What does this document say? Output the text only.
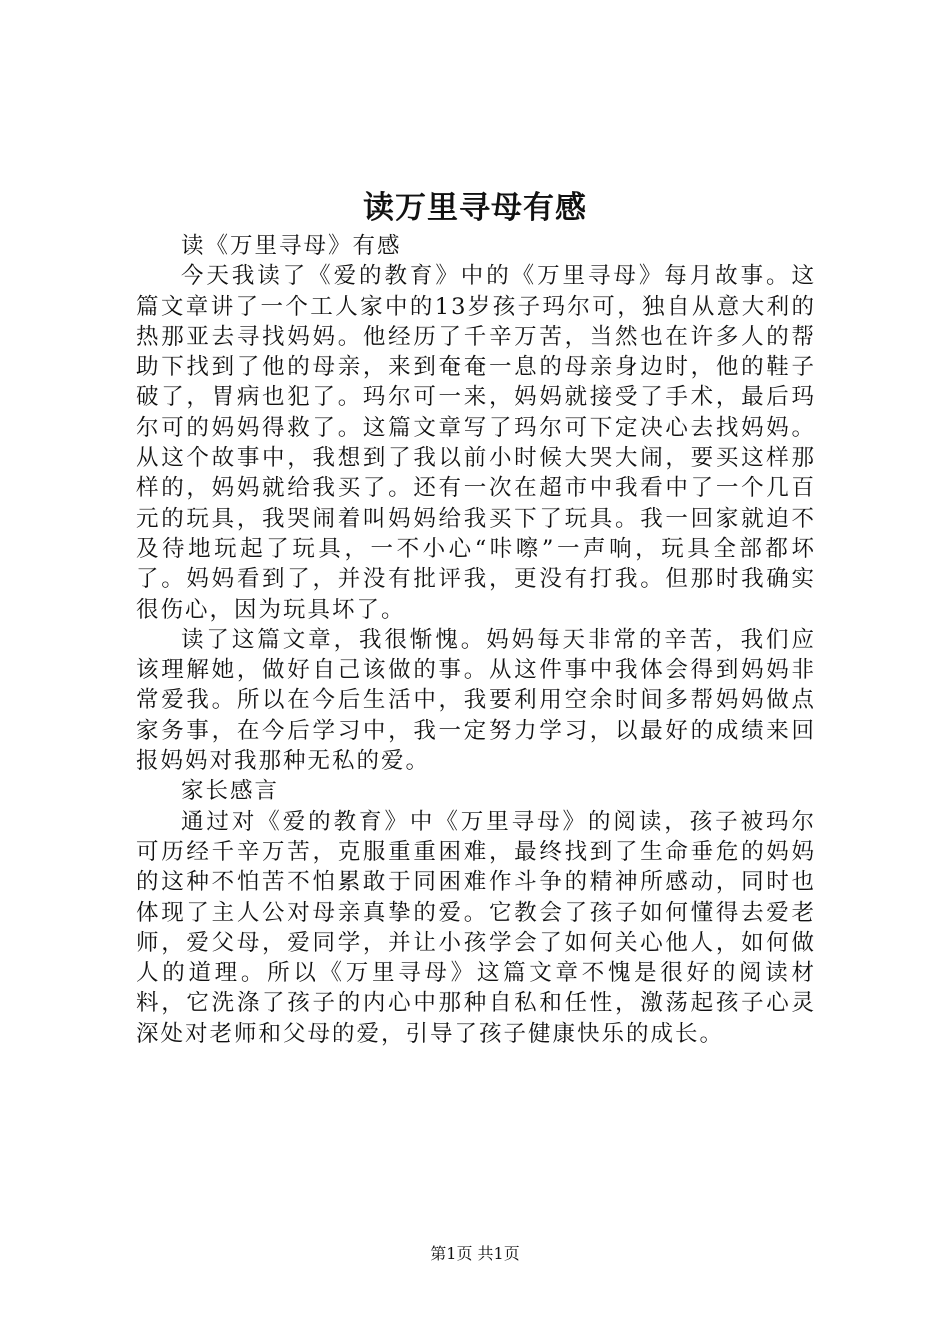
读万里寻母有感

读《万里寻母》有感

今天我读了《爱的教育》中的《万里寻母》每月故事。这篇文章讲了一个工人家中的13岁孩子玛尔可，独自从意大利的热那亚去寻找妈妈。他经历了千辛万苦，当然也在许多人的帮助下找到了他的母亲，来到奄奄一息的母亲身边时，他的鞋子破了，胃病也犯了。玛尔可一来，妈妈就接受了手术，最后玛尔可的妈妈得救了。这篇文章写了玛尔可下定决心去找妈妈。从这个故事中，我想到了我以前小时候大哭大闹，要买这样那样的，妈妈就给我买了。还有一次在超市中我看中了一个几百元的玩具，我哭闹着叫妈妈给我买下了玩具。我一回家就迫不及待地玩起了玩具，一不小心“咔嚓”一声响，玩具全部都坏了。妈妈看到了，并没有批评我，更没有打我。但那时我确实很伤心，因为玩具坏了。

读了这篇文章，我很惭愧。妈妈每天非常的辛苦，我们应该理解她，做好自己该做的事。从这件事中我体会得到妈妈非常爱我。所以在今后生活中，我要利用空余时间多帮妈妈做点家务事，在今后学习中，我一定努力学习，以最好的成绩来回报妈妈对我那种无私的爱。

家长感言

通过对《爱的教育》中《万里寻母》的阅读，孩子被玛尔可历经千辛万苦，克服重重困难，最终找到了生命垂危的妈妈的这种不怕苦不怕累敢于同困难作斗争的精神所感动，同时也体现了主人公对母亲真挚的爱。它教会了孩子如何懂得去爱老师，爱父母，爱同学，并让小孩学会了如何关心他人，如何做人的道理。所以《万里寻母》这篇文章不愧是很好的阅读材料，它洗涤了孩子的内心中那种自私和任性，激荡起孩子心灵深处对老师和父母的爱，引导了孩子健康快乐的成长。

第1页 共1页
